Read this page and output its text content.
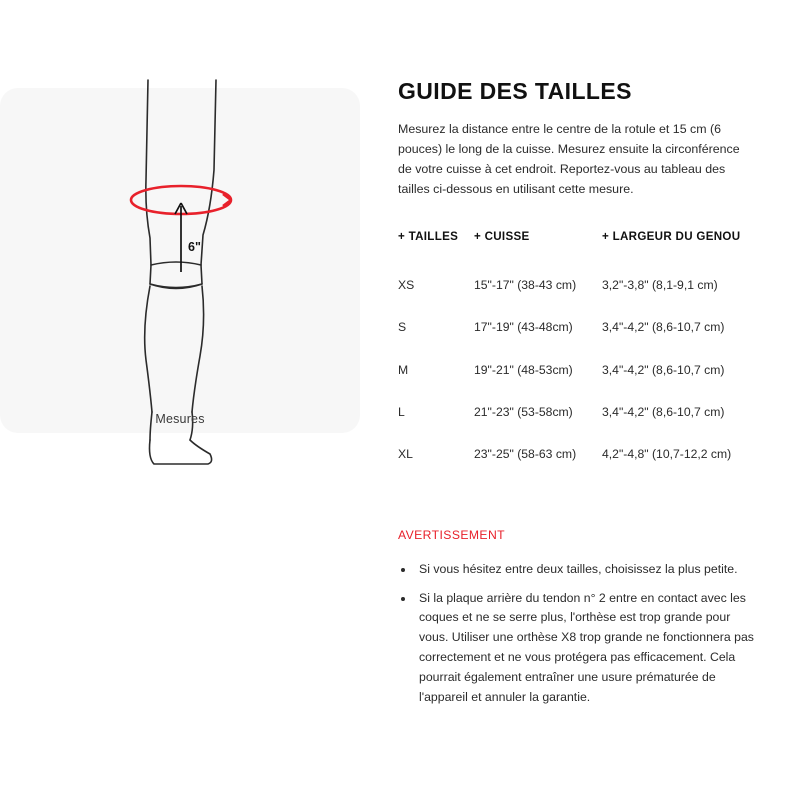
6"
Mesures
GUIDE DES TAILLES

Mesurez la distance entre le centre de la rotule et 15 cm (6 pouces) le long de la cuisse. Mesurez ensuite la circonférence de votre cuisse à cet endroit. Reportez-vous au tableau des tailles ci-dessous en utilisant cette mesure.

+ TAILLES	+ CUISSE	+ LARGEUR DU GENOU
XS	15"-17" (38-43 cm)	3,2"-3,8" (8,1-9,1 cm)
S	17"-19" (43-48cm)	3,4"-4,2" (8,6-10,7 cm)
M	19"-21" (48-53cm)	3,4"-4,2" (8,6-10,7 cm)
L	21"-23" (53-58cm)	3,4"-4,2" (8,6-10,7 cm)
XL	23"-25" (58-63 cm)	4,2"-4,8" (10,7-12,2 cm)
AVERTISSEMENT
• Si vous hésitez entre deux tailles, choisissez la plus petite.
• Si la plaque arrière du tendon n° 2 entre en contact avec les coques et ne se serre plus, l'orthèse est trop grande pour vous. Utiliser une orthèse X8 trop grande ne fonctionnera pas correctement et ne vous protégera pas efficacement. Cela pourrait également entraîner une usure prématurée de l'appareil et annuler la garantie.
